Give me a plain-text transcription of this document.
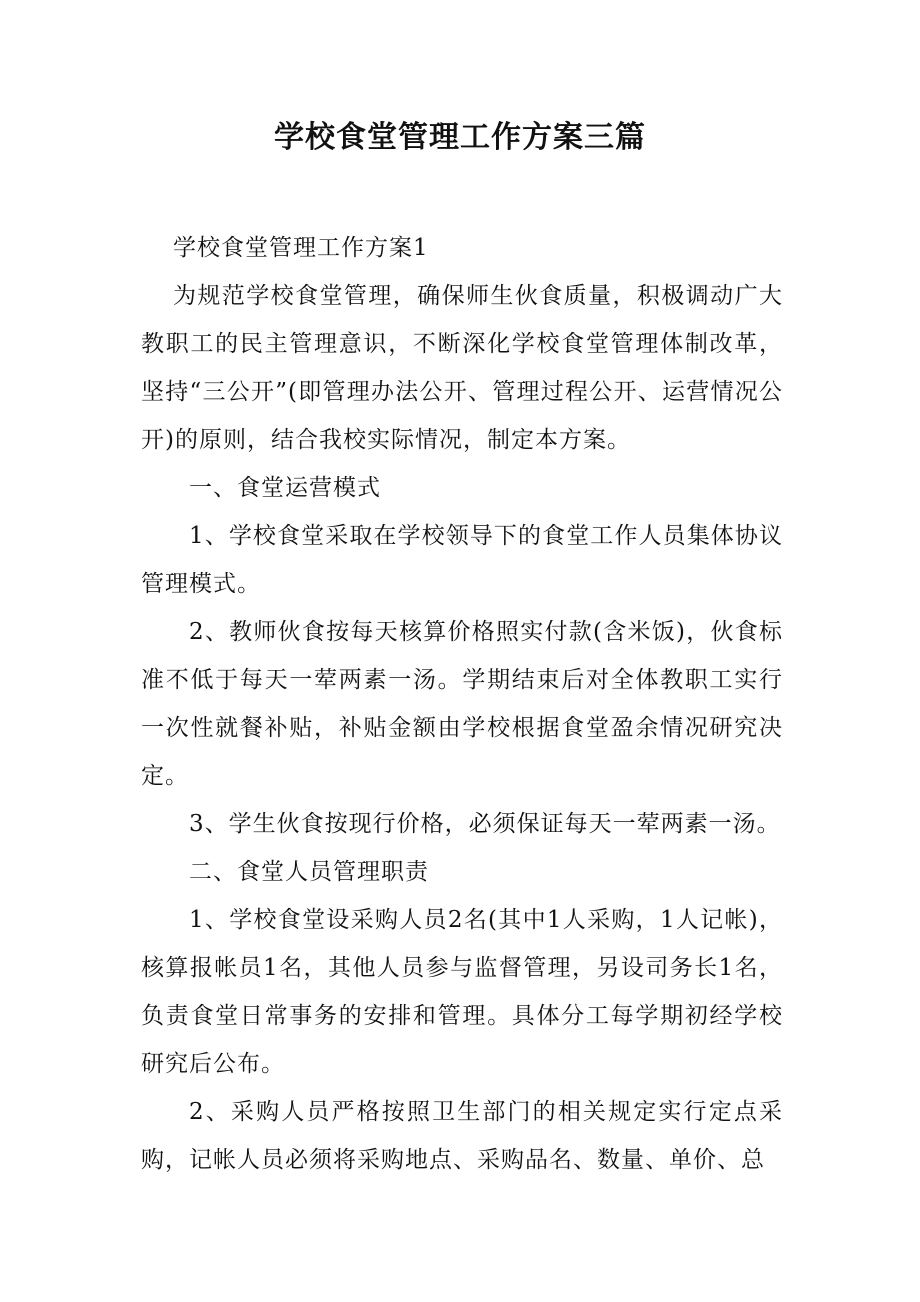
学校食堂管理工作方案三篇

学校食堂管理工作方案1

为规范学校食堂管理，确保师生伙食质量，积极调动广大教职工的民主管理意识，不断深化学校食堂管理体制改革，坚持“三公开”(即管理办法公开、管理过程公开、运营情况公开)的原则，结合我校实际情况，制定本方案。

一、食堂运营模式

1、学校食堂采取在学校领导下的食堂工作人员集体协议管理模式。

2、教师伙食按每天核算价格照实付款(含米饭)，伙食标准不低于每天一荤两素一汤。学期结束后对全体教职工实行一次性就餐补贴，补贴金额由学校根据食堂盈余情况研究决定。

3、学生伙食按现行价格，必须保证每天一荤两素一汤。

二、食堂人员管理职责

1、学校食堂设采购人员2名(其中1人采购，1人记帐)，核算报帐员1名，其他人员参与监督管理，另设司务长1名，负责食堂日常事务的安排和管理。具体分工每学期初经学校研究后公布。

2、采购人员严格按照卫生部门的相关规定实行定点采购，记帐人员必须将采购地点、采购品名、数量、单价、总
